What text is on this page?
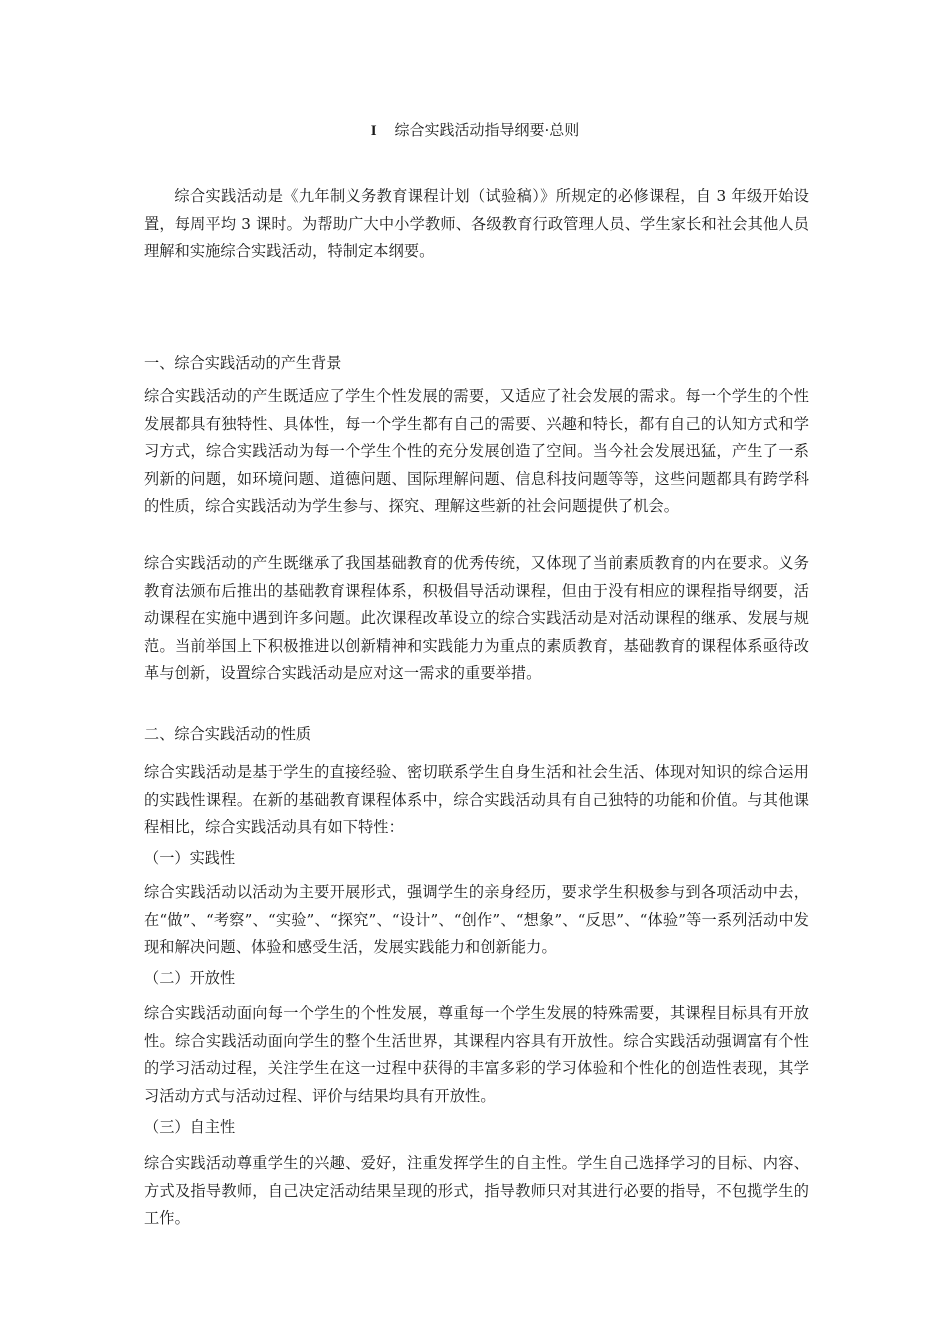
I 综合实践活动指导纲要·总则
综合实践活动是《九年制义务教育课程计划（试验稿）》所规定的必修课程，自 3 年级开始设置，每周平均 3 课时。为帮助广大中小学教师、各级教育行政管理人员、学生家长和社会其他人员理解和实施综合实践活动，特制定本纲要。
一、综合实践活动的产生背景
综合实践活动的产生既适应了学生个性发展的需要，又适应了社会发展的需求。每一个学生的个性发展都具有独特性、具体性，每一个学生都有自己的需要、兴趣和特长，都有自己的认知方式和学习方式，综合实践活动为每一个学生个性的充分发展创造了空间。当今社会发展迅猛，产生了一系列新的问题，如环境问题、道德问题、国际理解问题、信息科技问题等等，这些问题都具有跨学科的性质，综合实践活动为学生参与、探究、理解这些新的社会问题提供了机会。
综合实践活动的产生既继承了我国基础教育的优秀传统，又体现了当前素质教育的内在要求。义务教育法颁布后推出的基础教育课程体系，积极倡导活动课程，但由于没有相应的课程指导纲要，活动课程在实施中遇到许多问题。此次课程改革设立的综合实践活动是对活动课程的继承、发展与规范。当前举国上下积极推进以创新精神和实践能力为重点的素质教育，基础教育的课程体系亟待改革与创新，设置综合实践活动是应对这一需求的重要举措。
二、综合实践活动的性质
综合实践活动是基于学生的直接经验、密切联系学生自身生活和社会生活、体现对知识的综合运用的实践性课程。在新的基础教育课程体系中，综合实践活动具有自己独特的功能和价值。与其他课程相比，综合实践活动具有如下特性：
（一）实践性
综合实践活动以活动为主要开展形式，强调学生的亲身经历，要求学生积极参与到各项活动中去，在“做”、“考察”、“实验”、“探究”、“设计”、“创作”、“想象”、“反思”、“体验”等一系列活动中发现和解决问题、体验和感受生活，发展实践能力和创新能力。
（二）开放性
综合实践活动面向每一个学生的个性发展，尊重每一个学生发展的特殊需要，其课程目标具有开放性。综合实践活动面向学生的整个生活世界，其课程内容具有开放性。综合实践活动强调富有个性的学习活动过程，关注学生在这一过程中获得的丰富多彩的学习体验和个性化的创造性表现，其学习活动方式与活动过程、评价与结果均具有开放性。
（三）自主性
综合实践活动尊重学生的兴趣、爱好，注重发挥学生的自主性。学生自己选择学习的目标、内容、方式及指导教师，自己决定活动结果呈现的形式，指导教师只对其进行必要的指导，不包揽学生的工作。
